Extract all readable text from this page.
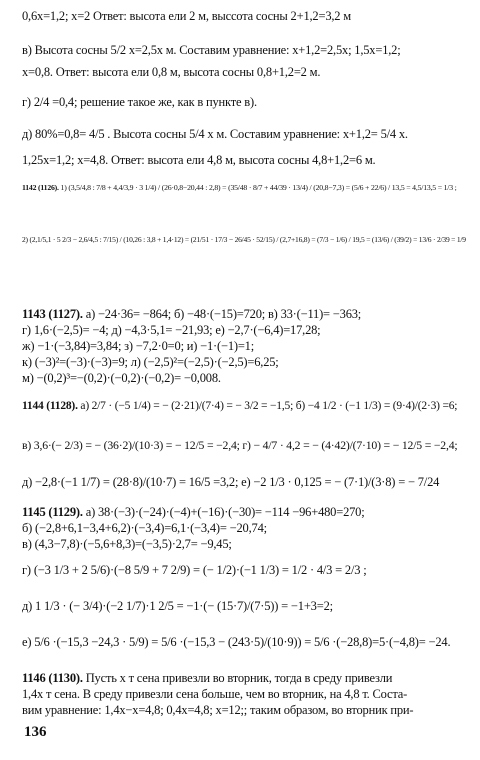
0,6x=1,2; x=2 Ответ: высота ели 2 м, выссота сосны 2+1,2=3,2 м
в) Высота сосны 5/2 x=2,5x м. Составим уравнение: x+1,2=2,5x; 1,5x=1,2;
x=0,8. Ответ: высота ели 0,8 м, высота сосны 0,8+1,2=2 м.
г) 2/4 =0,4; решение такое же, как в пункте в).
д) 80%=0,8= 4/5 . Высота сосны 5/4 x м. Составим уравнение: x+1,2= 5/4 x.
1,25x=1,2; x=4,8. Ответ: высота ели 4,8 м, высота сосны 4,8+1,2=6 м.
1142 (1126). 1) (3,5/4,8 : 7/8 + 4,4/3,9 · 3 1/4) / (26·0,8−20,44 : 2,8) = (35/48 · 8/7 + 44/39 · 13/4) / (20,8−7,3) = (5/6 + 22/6) / 13,5 = 4,5/13,5 = 1/3 ;
2) (2,1/5,1 · 5 2/3 − 2,6/4,5 : 7/15) / (10,26 : 3,8 + 1,4·12) = (21/51 · 17/3 − 26/45 · 52/15) / (2,7+16,8) = (7/3 − 1/6) / 19,5 = (13/6) / (39/2) = 13/6 · 2/39 = 1/9
1143 (1127). а) −24·36= −864; б) −48·(−15)=720; в) 33·(−11)= −363;
г) 1,6·(−2,5)= −4; д) −4,3·5,1= −21,93; е) −2,7·(−6,4)=17,28;
ж) −1·(−3,84)=3,84; з) −7,2·0=0; и) −1·(−1)=1;
к) (−3)²=(−3)·(−3)=9; л) (−2,5)²=(−2,5)·(−2,5)=6,25;
м) −(0,2)³=−(0,2)·(−0,2)·(−0,2)= −0,008.
1144 (1128). а) 2/7 · (−5 1/4) = − (2·21)/(7·4) = − 3/2 = −1,5; б) −4 1/2 · (−1 1/3) = (9·4)/(2·3) =6;
в) 3,6·(− 2/3) = − (36·2)/(10·3) = − 12/5 = −2,4; г) − 4/7 · 4,2 = − (4·42)/(7·10) = − 12/5 = −2,4;
д) −2,8·(−1 1/7) = (28·8)/(10·7) = 16/5 =3,2; е) −2 1/3 · 0,125 = − (7·1)/(3·8) = − 7/24
1145 (1129). а) 38·(−3)·(−24)·(−4)+(−16)·(−30)= −114 −96+480=270;
б) (−2,8+6,1−3,4+6,2)·(−3,4)=6,1·(−3,4)= −20,74;
в) (4,3−7,8)·(−5,6+8,3)=(−3,5)·2,7= −9,45;
г) (−3 1/3 + 2 5/6)·(−8 5/9 + 7 2/9) = (− 1/2)·(−1 1/3) = 1/2 · 4/3 = 2/3 ;
д) 1 1/3 · (− 3/4)·(−2 1/7)·1 2/5 = −1·(− (15·7)/(7·5)) = −1+3=2;
е) 5/6 ·(−15,3 −24,3 · 5/9) = 5/6 ·(−15,3 − (243·5)/(10·9)) = 5/6 ·(−28,8)=5·(−4,8)= −24.
1146 (1130). Пусть x т сена привезли во вторник, тогда в среду привезли
1,4x т сена. В среду привезли сена больше, чем во вторник, на 4,8 т. Соста-
вим уравнение: 1,4x−x=4,8; 0,4x=4,8; x=12;; таким образом, во вторник при-
136
